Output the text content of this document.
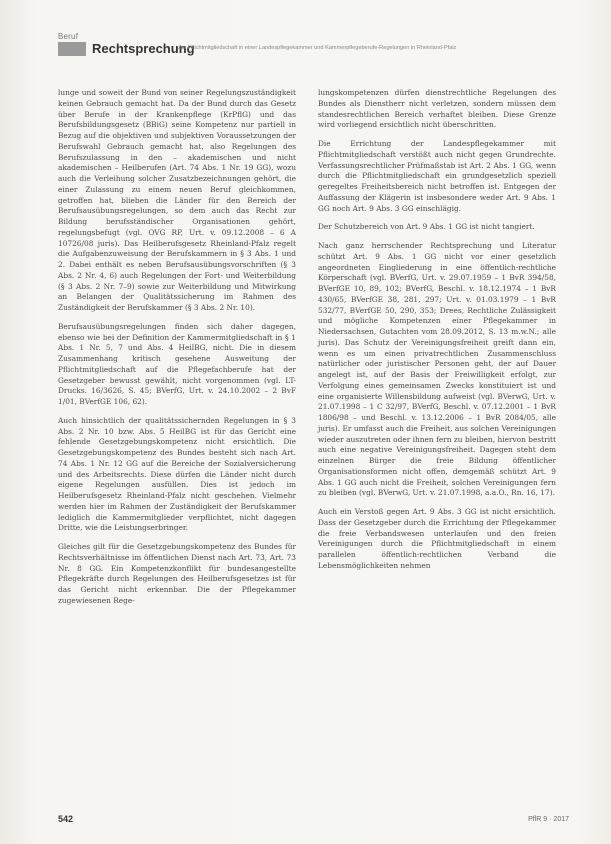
Beruf
Rechtsprechung
Zur Pflichtmitgliedschaft in einer Landespflegekammer und Kammerpflegeberufe-Regelungen in Rheinland-Pfalz

lunge und soweit der Bund von seiner Regelungszuständigkeit keinen Gebrauch gemacht hat. Da der Bund durch das Gesetz über Berufe in der Krankenpflege (KrPflG) und das Berufsbildungsgesetz (BBiG) seine Kompetenz nur partiell in Bezug auf die objektiven und subjektiven Voraussetzungen der Berufswahl Gebrauch gemacht hat, also Regelungen des Berufszulassung in den – akademischen und nicht akademischen – Heilberufen (Art. 74 Abs. 1 Nr. 19 GG), wozu auch die Verleihung solcher Zusatzbezeichnungen gehört, die einer Zulassung zu einem neuen Beruf gleichkommen, getroffen hat, blieben die Länder für den Bereich der Berufsausübungsregelungen, so dem auch das Recht zur Bildung berufsständischer Organisationen gehört, regelungsbefugt (vgl. OVG RP, Urt. v. 09.12.2008 – 6 A 10726/08 juris). Das Heilberufsgesetz Rheinland-Pfalz regelt die Aufgabenzuweisung der Berufskammern in § 3 Abs. 1 und 2. Dabei enthält es neben Berufsausübungsvorschriften (§ 3 Abs. 2 Nr. 4, 6) auch Regelungen der Fort- und Weiterbildung (§ 3 Abs. 2 Nr. 7–9) sowie zur Weiterbildung und Mitwirkung an Belangen der Qualitätssicherung im Rahmen des Zuständigkeit der Berufskammer (§ 3 Abs. 2 Nr. 10).

Berufsausübungsregelungen finden sich daher dagegen, ebenso wie bei der Definition der Kammermitgliedschaft in § 1 Abs. 1 Nr. 5, 7 und Abs. 4 HeilBG, nicht. Die in diesem Zusammenhang kritisch gesehene Ausweitung der Pflichtmitgliedschaft auf die Pflegefachberufe hat der Gesetzgeber bewusst gewählt, nicht vorgenommen (vgl. LT-Drucks. 16/3626, S. 45; BVerfG, Urt. v. 24.10.2002 – 2 BvF 1/01, BVerfGE 106, 62).

Auch hinsichtlich der qualitätssichernden Regelungen in § 3 Abs. 2 Nr. 10 bzw. Abs. 5 HeilBG ist für das Gericht eine fehlende Gesetzgebungskompetenz nicht ersichtlich. Die Gesetzgebungskompetenz des Bundes besteht sich nach Art. 74 Abs. 1 Nr. 12 GG auf die Bereiche der Sozialversicherung und des Arbeitsrechts. Diese dürfen die Länder nicht durch eigene Regelungen ausfüllen. Dies ist jedoch im Heilberufsgesetz Rheinland-Pfalz nicht geschehen. Vielmehr werden hier im Rahmen der Zuständigkeit der Berufskammer lediglich die Kammermitglieder verpflichtet, nicht dagegen Dritte, wie die Leistungserbringer.

Gleiches gilt für die Gesetzgebungskompetenz des Bundes für Rechtsverhältnisse im öffentlichen Dienst nach Art. 73, Art. 73 Nr. 8 GG. Ein Kompetenzkonflikt für bundesangestellte Pflegekräfte durch Regelungen des Heilberufsgesetzes ist für das Gericht nicht erkennbar. Die der Pflegekammer zugewiesenen Rege-

lungskompetenzen dürfen dienstrechtliche Regelungen des Bundes als Dienstherr nicht verletzen, sondern müssen dem standesrechtlichen Bereich verhaftet bleiben. Diese Grenze wird vorliegend ersichtlich nicht überschritten.

Die Errichtung der Landespflegekammer mit Pflichtmitgliedschaft verstößt auch nicht gegen Grundrechte. Verfassungsrechtlicher Prüfmaßstab ist Art. 2 Abs. 1 GG, wenn durch die Pflichtmitgliedschaft ein grundgesetzlich speziell geregeltes Freiheitsbereich nicht betroffen ist. Entgegen der Auffassung der Klägerin ist insbesondere weder Art. 9 Abs. 1 GG noch Art. 9 Abs. 3 GG einschlägig.

Der Schutzbereich von Art. 9 Abs. 1 GG ist nicht tangiert.

Nach ganz herrschender Rechtsprechung und Literatur schützt Art. 9 Abs. 1 GG nicht vor einer gesetzlich angeordneten Eingliederung in eine öffentlich-rechtliche Körperschaft (vgl. BVerfG, Urt. v. 29.07.1959 – 1 BvR 394/58, BVerfGE 10, 89, 102; BVerfG, Beschl. v. 18.12.1974 – 1 BvR 430/65, BVerfGE 38, 281, 297; Urt. v. 01.03.1979 – 1 BvR 532/77, BVerfGE 50, 290, 353; Drees, Rechtliche Zulässigkeit und mögliche Kompetenzen einer Pflegekammer in Niedersachsen, Gutachten vom 28.09.2012, S. 13 m.w.N.; alle juris). Das Schutz der Vereinigungsfreiheit greift dann ein, wenn es um einen privatrechtlichen Zusammenschluss natürlicher oder juristischer Personen geht, der auf Dauer angelegt ist, auf der Basis der Freiwilligkeit erfolgt, zur Verfolgung eines gemeinsamen Zwecks konstituiert ist und eine organisierte Willensbildung aufweist (vgl. BVerwG, Urt. v. 21.07.1998 – 1 C 32/97, BVerfG, Beschl. v. 07.12.2001 – 1 BvR 1806/98 – und Beschl. v. 13.12.2006 – 1 BvR 2084/05, alle juris). Er umfasst auch die Freiheit, aus solchen Vereinigungen wieder auszutreten oder ihnen fern zu bleiben, hiervon bestritt auch eine negative Vereinigungsfreiheit. Dagegen steht dem einzelnen Bürger die freie Bildung öffentlicher Organisationsformen nicht offen, demgemäß schützt Art. 9 Abs. 1 GG auch nicht die Freiheit, solchen Vereinigungen fern zu bleiben (vgl. BVerwG, Urt. v. 21.07.1998, a.a.O., Rn. 16, 17).

Auch ein Verstoß gegen Art. 9 Abs. 3 GG ist nicht ersichtlich. Dass der Gesetzgeber durch die Errichtung der Pflegekammer die freie Verbandswesen unterlaufen und den freien Vereinigungen durch die Pflichtmitgliedschaft in einem parallelen öffentlich-rechtlichen Verband die Lebensmöglichkeiten nehmen

542	PflR 9 · 2017
